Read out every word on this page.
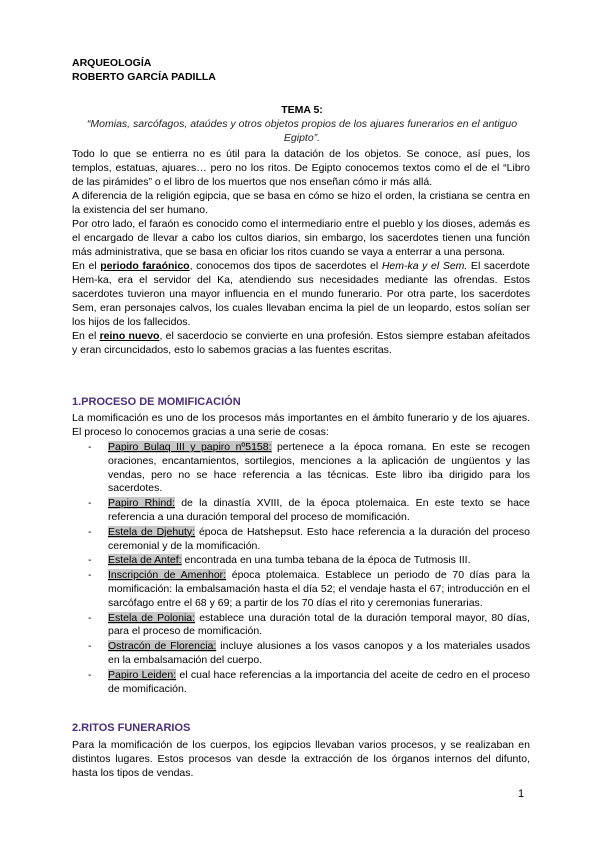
ARQUEOLOGÍA
ROBERTO GARCÍA PADILLA
TEMA 5:
“Momias, sarcófagos, ataúdes y otros objetos propios de los ajuares funerarios en el antiguo Egipto”.

Todo lo que se entierra no es útil para la datación de los objetos. Se conoce, así pues, los templos, estatuas, ajuares… pero no los ritos. De Egipto conocemos textos como el de el “Libro de las pirámides” o el libro de los muertos que nos enseñan cómo ir más allá.

A diferencia de la religión egipcia, que se basa en cómo se hizo el orden, la cristiana se centra en la existencia del ser humano.

Por otro lado, el faraón es conocido como el intermediario entre el pueblo y los dioses, además es el encargado de llevar a cabo los cultos diarios, sin embargo, los sacerdotes tienen una función más administrativa, que se basa en oficiar los ritos cuando se vaya a enterrar a una persona.

En el periodo faraónico, conocemos dos tipos de sacerdotes el Hem-ka y el Sem. El sacerdote Hem-ka, era el servidor del Ka, atendiendo sus necesidades mediante las ofrendas. Estos sacerdotes tuvieron una mayor influencia en el mundo funerario. Por otra parte, los sacerdotes Sem, eran personajes calvos, los cuales llevaban encima la piel de un leopardo, estos solían ser los hijos de los fallecidos.

En el reino nuevo, el sacerdocio se convierte en una profesión. Estos siempre estaban afeitados y eran circuncidados, esto lo sabemos gracias a las fuentes escritas.

1.PROCESO DE MOMIFICACIÓN
La momificación es uno de los procesos más importantes en el ámbito funerario y de los ajuares. El proceso lo conocemos gracias a una serie de cosas:
- Papiro Bulaq III y papiro nº5158: pertenece a la época romana. En este se recogen oraciones, encantamientos, sortilegios, menciones a la aplicación de ungüentos y las vendas, pero no se hace referencia a las técnicas. Este libro iba dirigido para los sacerdotes.
- Papiro Rhind: de la dinastía XVIII, de la época ptolemaica. En este texto se hace referencia a una duración temporal del proceso de momificación.
- Estela de Djehuty: época de Hatshepsut. Esto hace referencia a la duración del proceso ceremonial y de la momificación.
- Estela de Antef: encontrada en una tumba tebana de la época de Tutmosis III.
- Inscripción de Amenhor: época ptolemaica. Establece un periodo de 70 días para la momificación: la embalsamación hasta el día 52; el vendaje hasta el 67; introducción en el sarcófago entre el 68 y 69; a partir de los 70 días el rito y ceremonias funerarias.
- Estela de Polonia: establece una duración total de la duración temporal mayor, 80 días, para el proceso de momificación.
- Ostracón de Florencia: incluye alusiones a los vasos canopos y a los materiales usados en la embalsamación del cuerpo.
- Papiro Leiden: el cual hace referencias a la importancia del aceite de cedro en el proceso de momificación.
2.RITOS FUNERARIOS
Para la momificación de los cuerpos, los egipcios llevaban varios procesos, y se realizaban en distintos lugares. Estos procesos van desde la extracción de los órganos internos del difunto, hasta los tipos de vendas.
1
